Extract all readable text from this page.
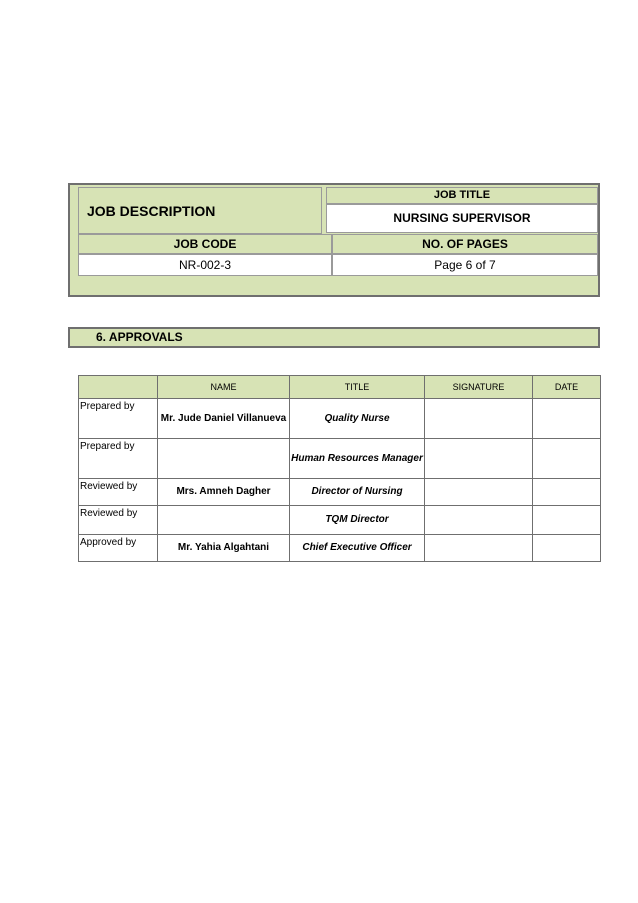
JOB DESCRIPTION
JOB TITLE
NURSING SUPERVISOR
JOB CODE	NO. OF PAGES
NR-002-3	Page 6 of 7
6. APPROVALS
	NAME	TITLE	SIGNATURE	DATE
Prepared by	Mr. Jude Daniel Villanueva	Quality Nurse		
Prepared by		Human Resources Manager		
Reviewed by	Mrs. Amneh Dagher	Director of Nursing		
Reviewed by		TQM Director		
Approved by	Mr. Yahia Algahtani	Chief Executive Officer		
